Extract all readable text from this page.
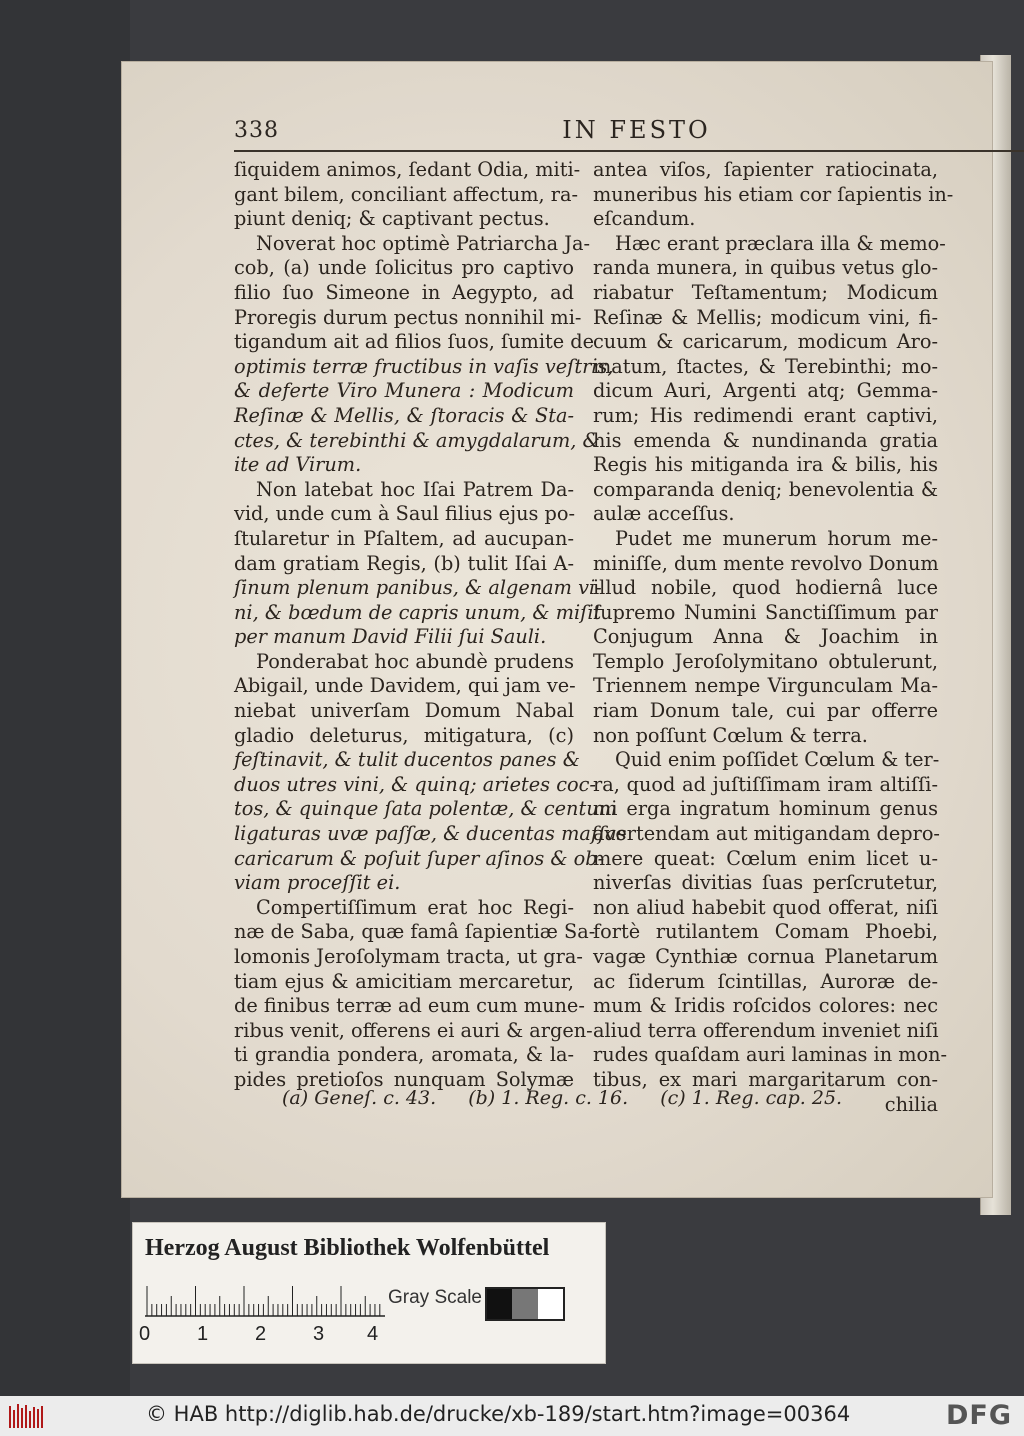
338	IN FESTO
ſiquidem animos, ſedant Odia, miti-
gant bilem, conciliant affectum, ra-
piunt deniq; & captivant pectus.
Noverat hoc optimè Patriarcha Ja-
cob, (a) unde ſolicitus pro captivo
filio ſuo Simeone in Aegypto, ad
Proregis durum pectus nonnihil mi-
tigandum ait ad filios ſuos, ſumite de
optimis terræ fructibus in vaſis veſtris,
& deferte Viro Munera : Modicum
Reſinæ & Mellis, & ſtoracis & Sta-
ctes, & terebinthi & amygdalarum, &
ite ad Virum.
Non latebat hoc Iſai Patrem Da-
vid, unde cum à Saul filius ejus po-
ſtularetur in Pſaltem, ad aucupan-
dam gratiam Regis, (b) tulit Iſai A-
ſinum plenum panibus, & algenam vi-
ni, & bœdum de capris unum, & miſit
per manum David Filii ſui Sauli.
Ponderabat hoc abundè prudens
Abigail, unde Davidem, qui jam ve-
niebat univerſam Domum Nabal
gladio deleturus, mitigatura, (c)
feſtinavit, & tulit ducentos panes &
duos utres vini, & quinq; arietes coc-
tos, & quinque ſata polentæ, & centum
ligaturas uvæ paſſæ, & ducentas maſſas
caricarum & poſuit ſuper aſinos & ob-
viam proceſſit ei.
Compertiſſimum erat hoc Regi-
næ de Saba, quæ famâ ſapientiæ Sa-
lomonis Jeroſolymam tracta, ut gra-
tiam ejus & amicitiam mercaretur,
de finibus terræ ad eum cum mune-
ribus venit, offerens ei auri & argen-
ti grandia pondera, aromata, & la-
pides pretioſos nunquam Solymæ
antea viſos, ſapienter ratiocinata,
muneribus his etiam cor ſapientis in-
eſcandum.
Hæc erant præclara illa & memo-
randa munera, in quibus vetus glo-
riabatur Teſtamentum; Modicum
Reſinæ & Mellis; modicum vini, fi-
cuum & caricarum, modicum Aro-
matum, ſtactes, & Terebinthi; mo-
dicum Auri, Argenti atq; Gemma-
rum; His redimendi erant captivi,
his emenda & nundinanda gratia
Regis his mitiganda ira & bilis, his
comparanda deniq; benevolentia &
aulæ acceſſus.
Pudet me munerum horum me-
miniſſe, dum mente revolvo Donum
illud nobile, quod hodiernâ luce
ſupremo Numini Sanctiſſimum par
Conjugum Anna & Joachim in
Templo Jeroſolymitano obtulerunt,
Triennem nempe Virgunculam Ma-
riam Donum tale, cui par offerre
non poſſunt Cœlum & terra.
Quid enim poſſidet Cœlum & ter-
ra, quod ad juſtiſſimam iram altiſſi-
mi erga ingratum hominum genus
avertendam aut mitigandam depro-
mere queat: Cœlum enim licet u-
niverſas divitias ſuas perſcrutetur,
non aliud habebit quod offerat, niſi
fortè rutilantem Comam Phoebi,
vagæ Cynthiæ cornua Planetarum
ac ſiderum ſcintillas, Auroræ de-
mum & Iridis roſcidos colores: nec
aliud terra offerendum inveniet niſi
rudes quaſdam auri laminas in mon-
tibus, ex mari margaritarum con-
chilia
(a) Geneſ. c. 43. (b) 1. Reg. c. 16. (c) 1. Reg. cap. 25.
Herzog August Bibliothek Wolfenbüttel
0 1 2 3 4
Gray Scale
© HAB http://diglib.hab.de/drucke/xb-189/start.htm?image=00364	DFG
